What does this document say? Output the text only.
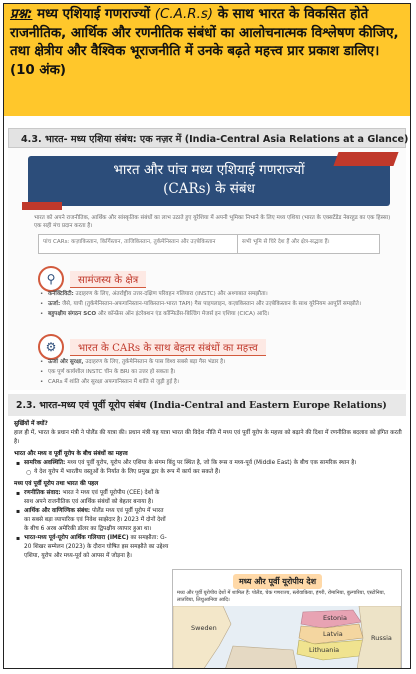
प्रश्न: मध्य एशियाई गणराज्यों (C.A.R.s) के साथ भारत के विकसित होते राजनीतिक, आर्थिक और रणनीतिक संबंधों का आलोचनात्मक विश्लेषण कीजिए, तथा क्षेत्रीय और वैश्विक भूराजनीति में उनके बढ़ते महत्त्व प्रार प्रकाश डालिए। (10 अंक)
4.3. भारत- मध्य एशिया संबंध: एक नज़र में (India-Central Asia Relations at a Glance)
भारत और पांच मध्य एशियाई गणराज्यों
(CARs) के संबंध
भारत को अपने राजनीतिक, आर्थिक और सांस्कृतिक संबंधों का लाभ उठाते हुए यूरेशिया में अपनी भूमिका निभाने के लिए मध्य एशिया (भारत के एक्सटेंडेड नेबरहुड का एक हिस्सा) एक सही मंच प्रदान करता है।
पांच CARs: कज़ाकिस्तान, किर्गिस्तान, ताजिकिस्तान, तुर्कमेनिस्तान और उज़्बेकिस्तान	सभी भूमि से घिरे देश हैं और क्षेत्र-सद्भाव हैं।
⚲	सामंजस्य के क्षेत्र
• कनेक्टिविटी: उदाहरण के लिए, अंतर्राष्ट्रीय उत्तर-दक्षिण परिवहन गलियारा (INSTC) और अश्गाबात समझौता।
• ऊर्जा: जैसे, यापी (तुर्कमेनिस्तान-अफगानिस्तान-पाकिस्तान-भारत TAPI) गैस पाइपलाइन, कज़ाकिस्तान और उज़्बेकिस्तान के साथ यूरेनियम आपूर्ति समझौते।
• बहुपक्षीय संगठन SCO और कॉन्फ्रेंस ऑन इंटरेक्शन एंड कॉन्फिडेंस-बिल्डिंग मेजर्स इन एशिया (CICA) आदि।
⚙	भारत के CARs के साथ बेहतर संबंधों का महत्त्व
• ऊर्जा और सुरक्षा, उदाहरण के लिए, तुर्कमेनिस्तान के पास विश्व सबसे बड़ा गैस भंडार है।
• एक पूर्ण कार्यशील INSTC चीन के BRI का उत्तर हो सकता है।
• CARs में शांति और सुरक्षा अफगानिस्तान में शांति से जुड़ी हुई है।
2.3. भारत-मध्य एवं पूर्वी यूरोप संबंध (India-Central and Eastern Europe Relations)
सुर्खियों में क्यों?
हाल ही में, भारत के प्रधान मंत्री ने पोलैंड की यात्रा की। प्रधान मंत्री यह यात्रा भारत की विदेश नीति में मध्य एवं पूर्वी यूरोप के महत्त्व को बढ़ाने की दिशा में रणनीतिक बदलाव को इंगित करती है।
भारत और मध्य व पूर्वी यूरोप के बीच संबंधों का महत्त्व
▪ सामरिक अवस्थिति: मध्य एवं पूर्वी यूरोप, यूरोप और एशिया के संगम बिंदु पर स्थित है, जो कि रूस व मध्य-पूर्व (Middle East) के बीच एक सामरिक स्थान है।
○ ये देश यूरोप में भारतीय वस्तुओं के निर्यात के लिए प्रमुख द्वार के रूप में कार्य कर सकते हैं।
मध्य एवं पूर्वी यूरोप तथा भारत की पहल
▪ रणनीतिक संवाद: भारत ने मध्य एवं पूर्वी यूरोपीय (CEE) देशों के साथ अपने राजनीतिक एवं आर्थिक संबंधों को बेहतर बनाया है।
▪ आर्थिक और वाणिज्यिक संबंध: पोलैंड मध्य एवं पूर्वी यूरोप में भारत का सबसे बड़ा व्यापारिक एवं निवेश साझेदार है। 2023 में दोनों देशों के बीच 6 अरब अमेरिकी डॉलर का द्विपक्षीय व्यापार हुआ था।
▪ भारत-मध्य पूर्व-यूरोप आर्थिक गलियारा (IMEC) का समझौता: G-20 शिखर सम्मेलन (2023) के दौरान घोषित इस समझौते का उद्देश्य एशिया, यूरोप और मध्य-पूर्व को आपस में जोड़ना है।
मध्य और पूर्वी यूरोपीय देश
मध्य और पूर्वी यूरोपीय देशों में शामिल हैं: पोलैंड, चेक गणराज्य, स्लोवाकिया, हंगरी, रोमानिया, बुल्गारिया, एस्टोनिया, लातविया, लिथुआनिया आदि।
Sweden
Estonia
Latvia
Lithuania
Russia
